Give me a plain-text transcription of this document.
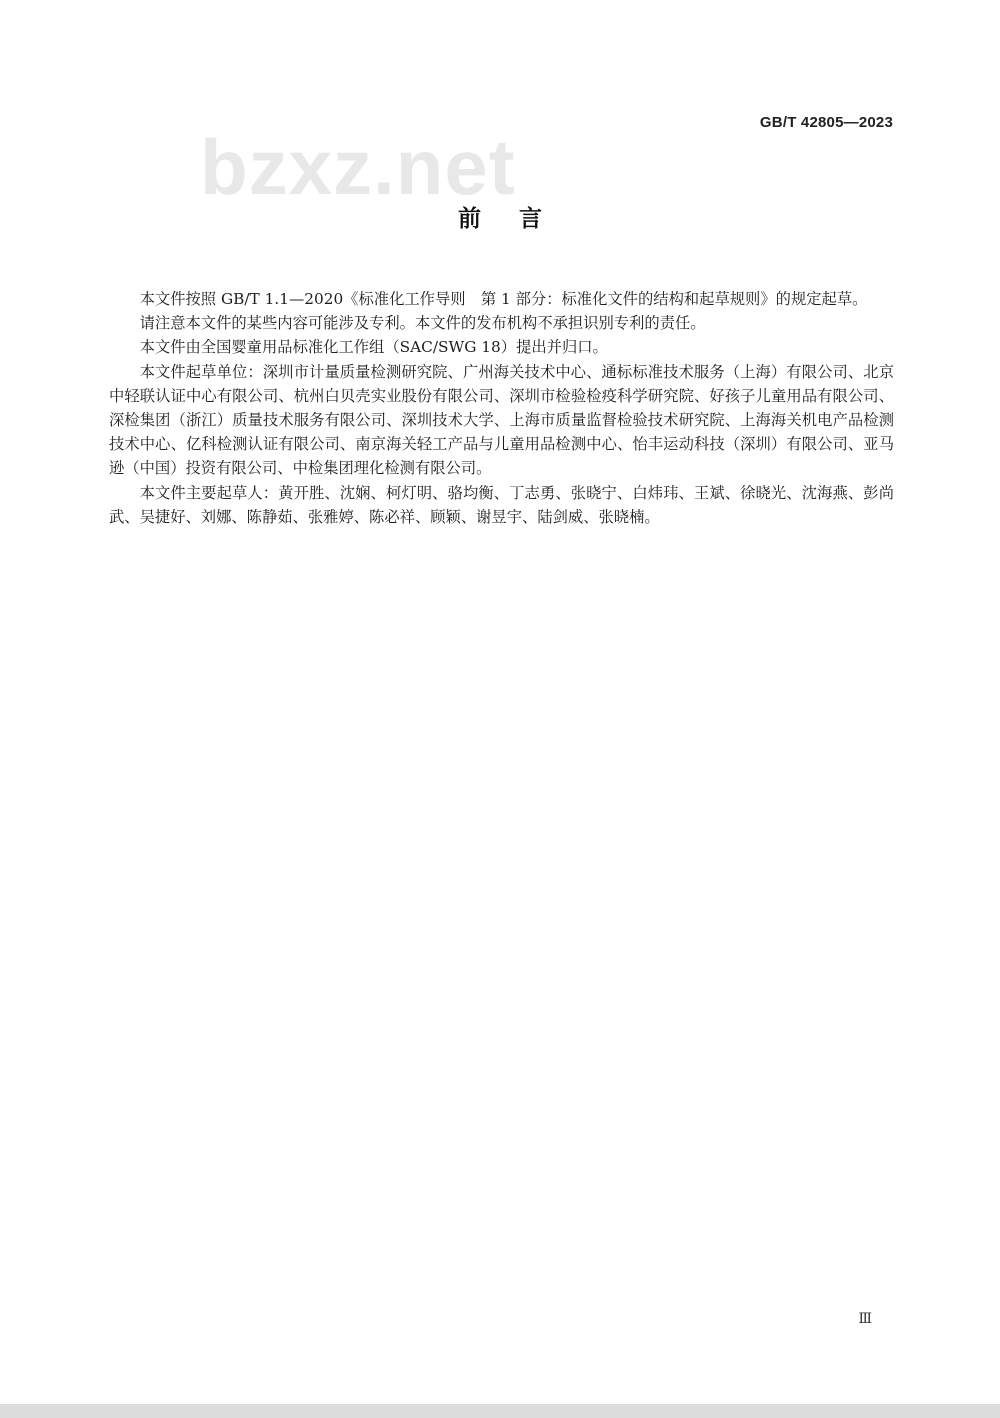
GB/T 42805—2023
bzxz.net
前言

本文件按照 GB/T 1.1—2020《标准化工作导则　第 1 部分：标准化文件的结构和起草规则》的规定起草。

请注意本文件的某些内容可能涉及专利。本文件的发布机构不承担识别专利的责任。

本文件由全国婴童用品标准化工作组（SAC/SWG 18）提出并归口。

本文件起草单位：深圳市计量质量检测研究院、广州海关技术中心、通标标准技术服务（上海）有限公司、北京中轻联认证中心有限公司、杭州白贝壳实业股份有限公司、深圳市检验检疫科学研究院、好孩子儿童用品有限公司、深检集团（浙江）质量技术服务有限公司、深圳技术大学、上海市质量监督检验技术研究院、上海海关机电产品检测技术中心、亿科检测认证有限公司、南京海关轻工产品与儿童用品检测中心、怡丰运动科技（深圳）有限公司、亚马逊（中国）投资有限公司、中检集团理化检测有限公司。

本文件主要起草人：黄开胜、沈娴、柯灯明、骆均衡、丁志勇、张晓宁、白炜玮、王斌、徐晓光、沈海燕、彭尚武、吴捷好、刘娜、陈静茹、张雅婷、陈必祥、顾颖、谢昱宇、陆剑威、张晓楠。

Ⅲ
